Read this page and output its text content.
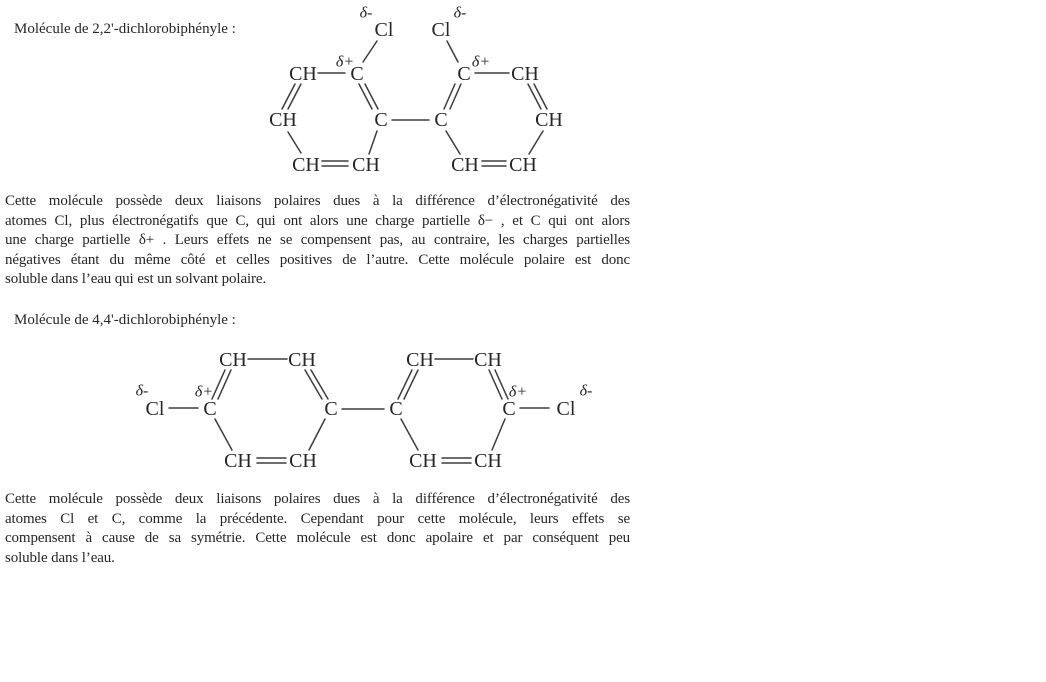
Molécule de 2,2'-dichlorobiphényle :
δ-
Cl Cl
δ-
δ+
CH C	C
δ+
CH
CH	C C	CH
CH CH	CH CH
Cette molécule possède deux liaisons polaires dues à la différence d’électronégativité des
atomes Cl, plus électronégatifs que C, qui ont alors une charge partielle δ− , et C qui ont alors
une charge partielle δ+ . Leurs effets ne se compensent pas, au contraire, les charges partielles
négatives étant du même côté et celles positives de l’autre. Cette molécule polaire est donc
soluble dans l’eau qui est un solvant polaire.
Molécule de 4,4'-dichlorobiphényle :
δ-
Cl
δ+
C
CH CH
C	C
CH CH
C
δ+
Cl
δ-
CH CH	CH CH
Cette molécule possède deux liaisons polaires dues à la différence d’électronégativité des
atomes Cl et C, comme la précédente. Cependant pour cette molécule, leurs effets se
compensent à cause de sa symétrie. Cette molécule est donc apolaire et par conséquent peu
soluble dans l’eau.
